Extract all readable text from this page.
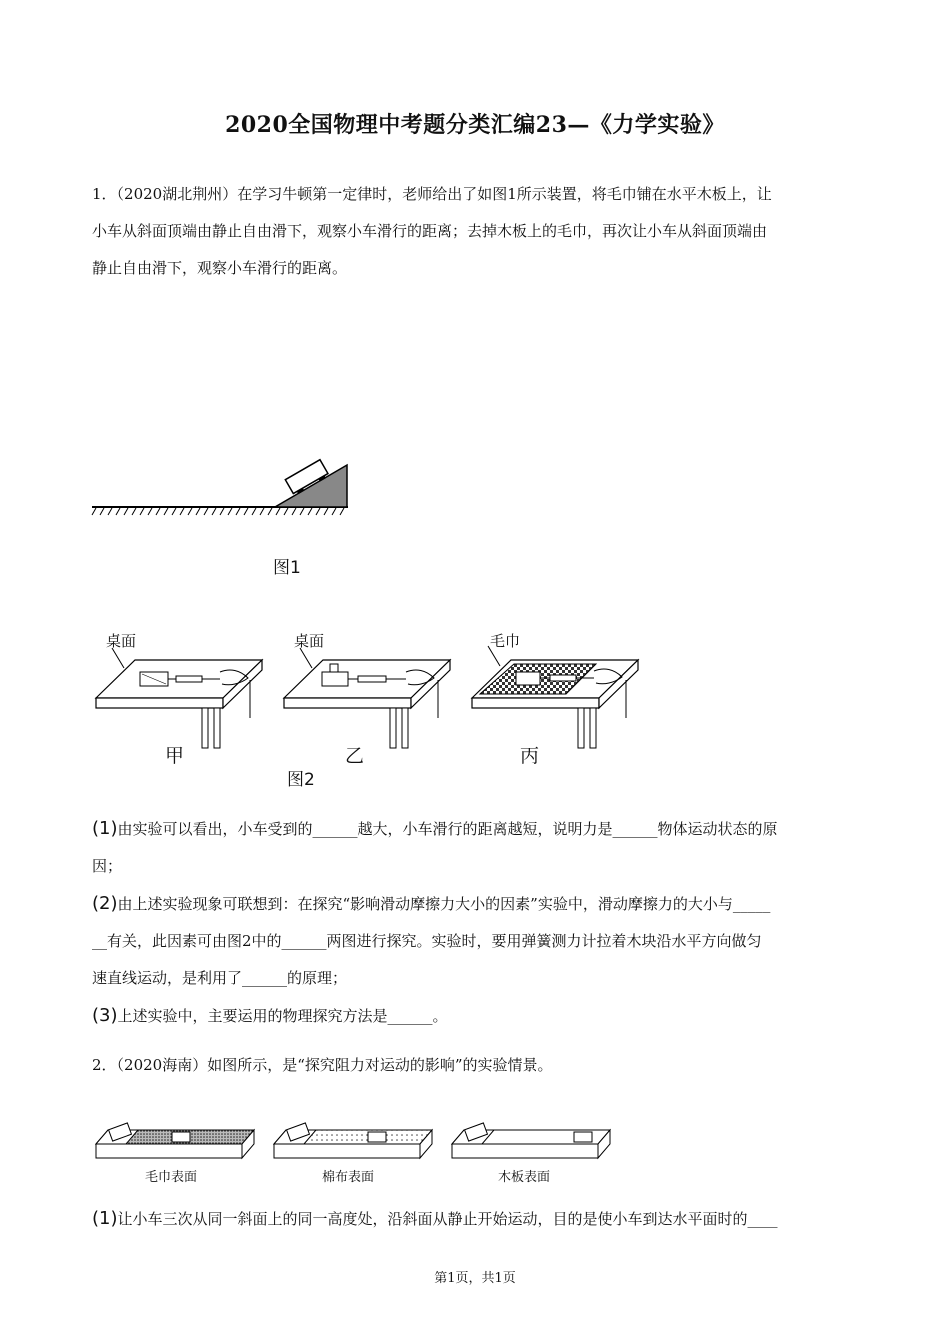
2020全国物理中考题分类汇编23—《力学实验》

1．（2020湖北荆州）在学习牛顿第一定律时，老师给出了如图1所示装置，将毛巾铺在水平木板上，让

小车从斜面顶端由静止自由滑下，观察小车滑行的距离；去掉木板上的毛巾，再次让小车从斜面顶端由

静止自由滑下，观察小车滑行的距离。

图1
桌面	桌面	毛巾
甲	乙	丙
图2

(1)由实验可以看出，小车受到的______越大，小车滑行的距离越短，说明力是______物体运动状态的原

因；

(2)由上述实验现象可联想到：在探究“影响滑动摩擦力大小的因素”实验中，滑动摩擦力的大小与_____

__有关，此因素可由图2中的______两图进行探究。实验时，要用弹簧测力计拉着木块沿水平方向做匀

速直线运动，是利用了______的原理；

(3)上述实验中，主要运用的物理探究方法是______。

2．（2020海南）如图所示，是“探究阻力对运动的影响”的实验情景。
毛巾表面	棉布表面	木板表面

(1)让小车三次从同一斜面上的同一高度处，沿斜面从静止开始运动，目的是使小车到达水平面时的____

第1页，共1页
